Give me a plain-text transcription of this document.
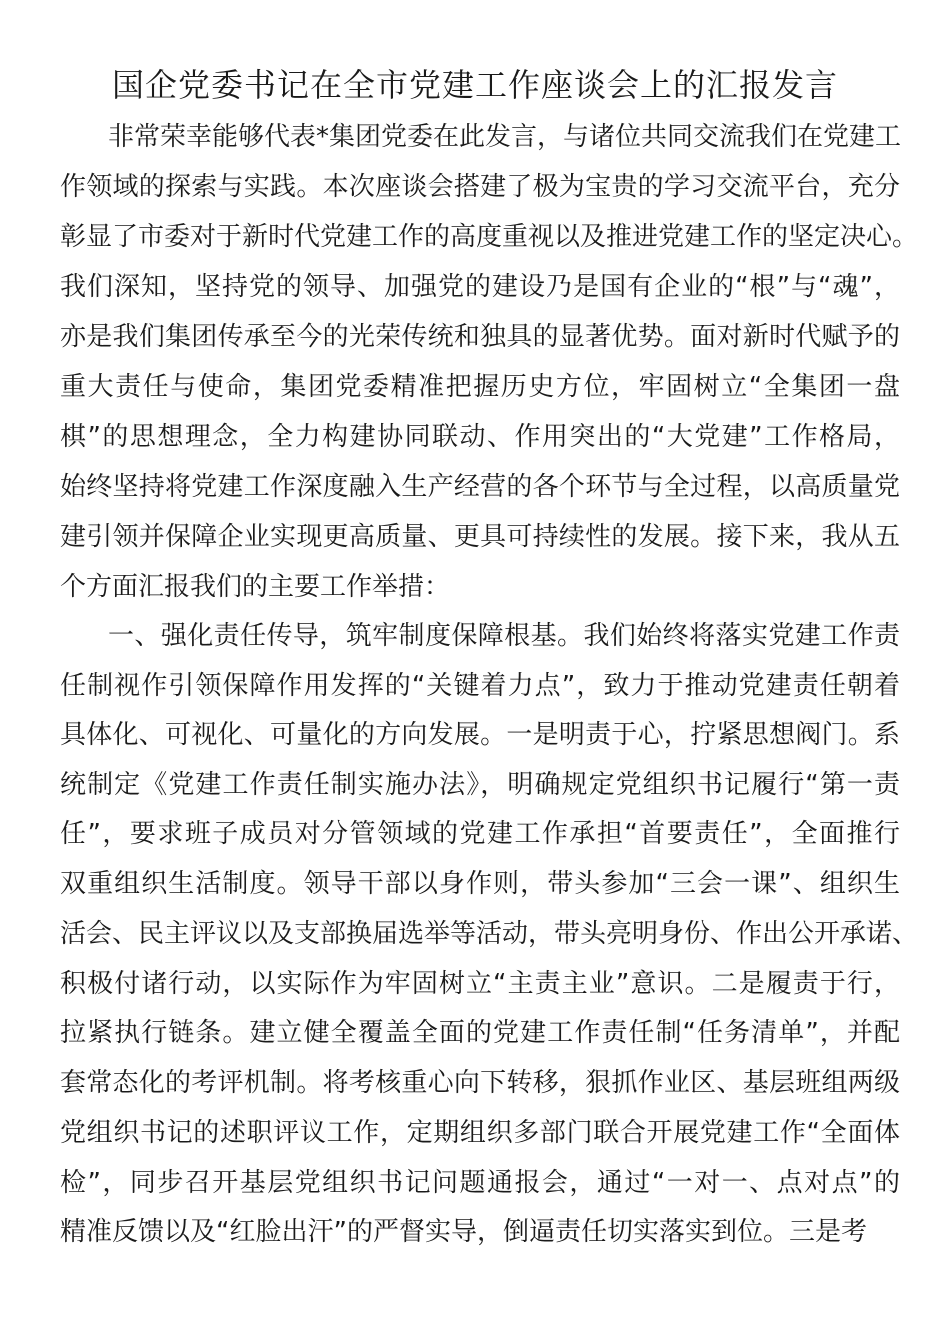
国企党委书记在全市党建工作座谈会上的汇报发言
非常荣幸能够代表*集团党委在此发言，与诸位共同交流我们在党建工
作领域的探索与实践。本次座谈会搭建了极为宝贵的学习交流平台，充分
彰显了市委对于新时代党建工作的高度重视以及推进党建工作的坚定决心。
我们深知，坚持党的领导、加强党的建设乃是国有企业的“根”与“魂”，
亦是我们集团传承至今的光荣传统和独具的显著优势。面对新时代赋予的
重大责任与使命，集团党委精准把握历史方位，牢固树立“全集团一盘
棋”的思想理念，全力构建协同联动、作用突出的“大党建”工作格局，
始终坚持将党建工作深度融入生产经营的各个环节与全过程，以高质量党
建引领并保障企业实现更高质量、更具可持续性的发展。接下来，我从五
个方面汇报我们的主要工作举措：
一、强化责任传导，筑牢制度保障根基。我们始终将落实党建工作责
任制视作引领保障作用发挥的“关键着力点”，致力于推动党建责任朝着
具体化、可视化、可量化的方向发展。一是明责于心，拧紧思想阀门。系
统制定《党建工作责任制实施办法》，明确规定党组织书记履行“第一责
任”，要求班子成员对分管领域的党建工作承担“首要责任”，全面推行
双重组织生活制度。领导干部以身作则，带头参加“三会一课”、组织生
活会、民主评议以及支部换届选举等活动，带头亮明身份、作出公开承诺、
积极付诸行动，以实际作为牢固树立“主责主业”意识。二是履责于行，
拉紧执行链条。建立健全覆盖全面的党建工作责任制“任务清单”，并配
套常态化的考评机制。将考核重心向下转移，狠抓作业区、基层班组两级
党组织书记的述职评议工作，定期组织多部门联合开展党建工作“全面体
检”，同步召开基层党组织书记问题通报会，通过“一对一、点对点”的
精准反馈以及“红脸出汗”的严督实导，倒逼责任切实落实到位。三是考
